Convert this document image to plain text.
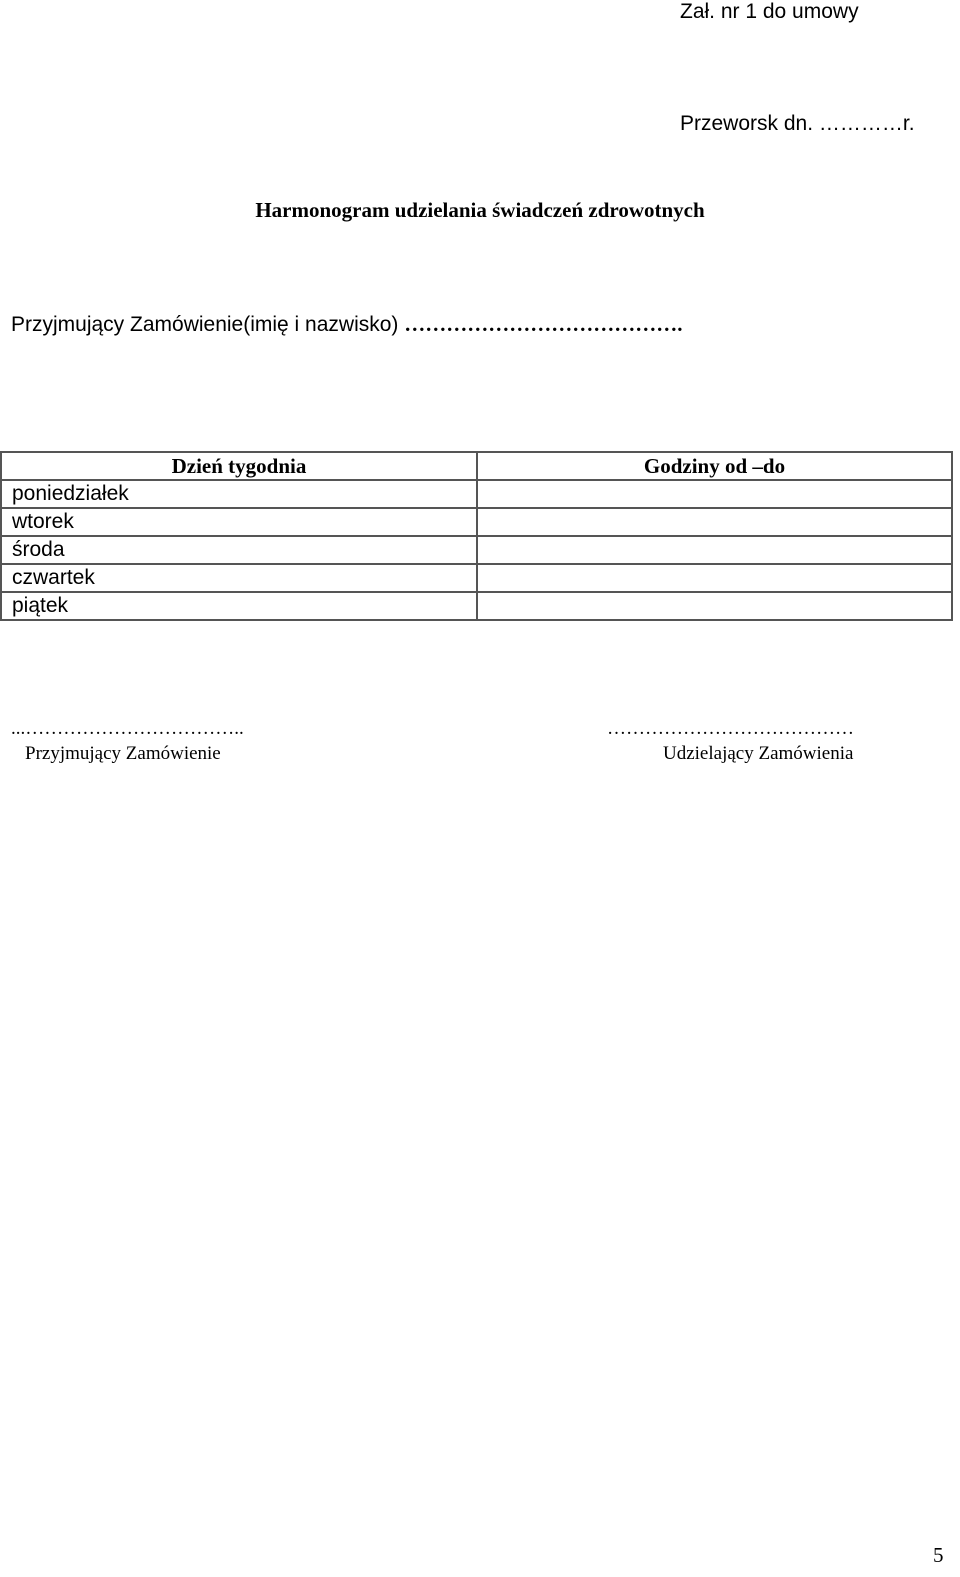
Zał. nr 1 do umowy
Przeworsk dn. …………r.
Harmonogram udzielania świadczeń zdrowotnych
Przyjmujący Zamówienie(imię i nazwisko) ………………………………….
Dzień tygodnia	Godziny od –do
poniedziałek	
wtorek	
środa	
czwartek	
piątek	
...……………………………..
Przyjmujący Zamówienie
…………………………………
Udzielający Zamówienia
5
